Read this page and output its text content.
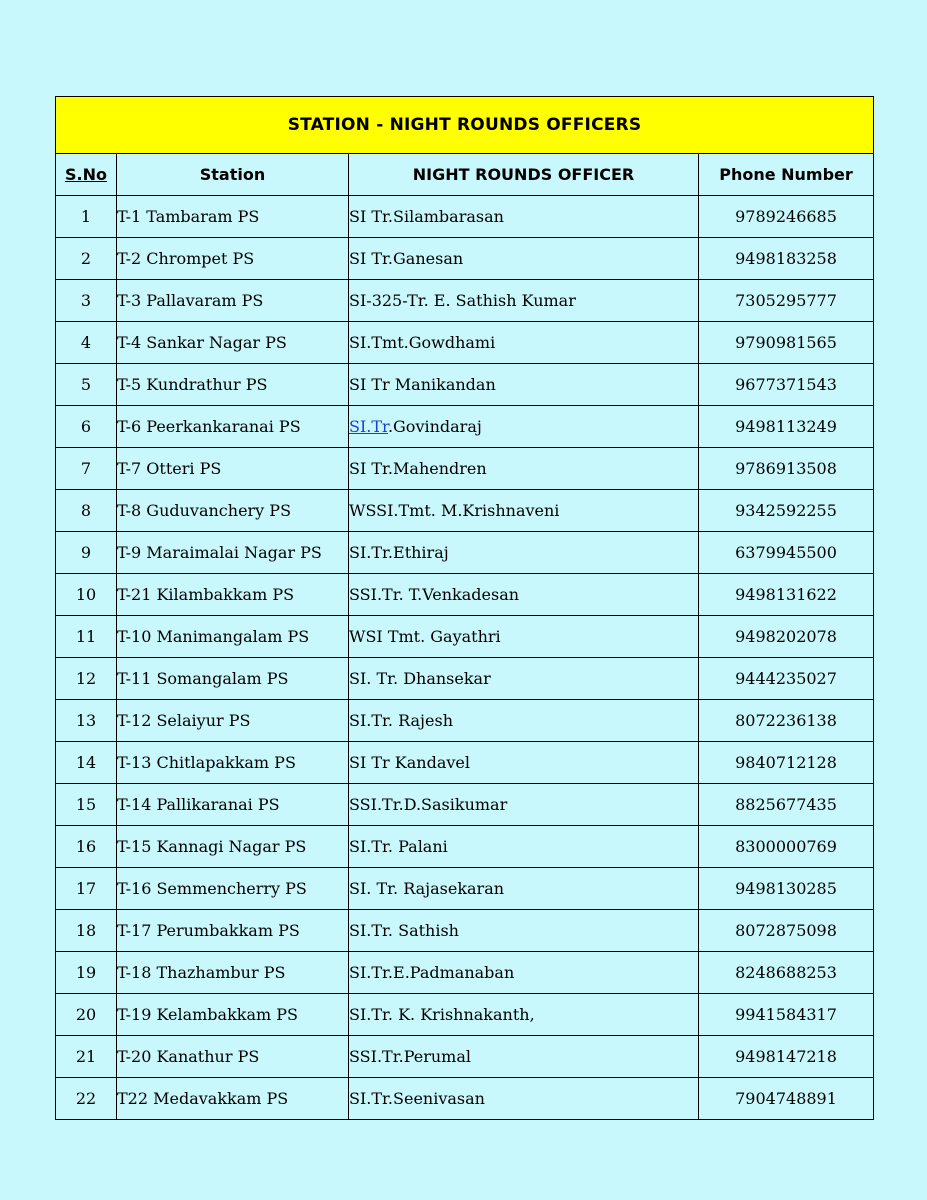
STATION - NIGHT ROUNDS OFFICERS			
S.No	Station	NIGHT ROUNDS OFFICER	Phone Number
1	T-1 Tambaram PS	SI Tr.Silambarasan	9789246685
2	T-2 Chrompet PS	SI Tr.Ganesan	9498183258
3	T-3 Pallavaram PS	SI-325-Tr. E. Sathish Kumar	7305295777
4	T-4 Sankar Nagar PS	SI.Tmt.Gowdhami	9790981565
5	T-5 Kundrathur PS	SI Tr Manikandan	9677371543
6	T-6 Peerkankaranai PS	SI.Tr.Govindaraj	9498113249
7	T-7 Otteri PS	SI Tr.Mahendren	9786913508
8	T-8 Guduvanchery PS	WSSI.Tmt. M.Krishnaveni	9342592255
9	T-9 Maraimalai Nagar PS	SI.Tr.Ethiraj	6379945500
10	T-21 Kilambakkam PS	SSI.Tr. T.Venkadesan	9498131622
11	T-10 Manimangalam PS	WSI Tmt. Gayathri	9498202078
12	T-11 Somangalam PS	SI. Tr. Dhansekar	9444235027
13	T-12 Selaiyur PS	SI.Tr. Rajesh	8072236138
14	T-13 Chitlapakkam PS	SI Tr Kandavel	9840712128
15	T-14 Pallikaranai PS	SSI.Tr.D.Sasikumar	8825677435
16	T-15 Kannagi Nagar PS	SI.Tr. Palani	8300000769
17	T-16 Semmencherry PS	SI. Tr. Rajasekaran	9498130285
18	T-17 Perumbakkam PS	SI.Tr. Sathish	8072875098
19	T-18 Thazhambur PS	SI.Tr.E.Padmanaban	8248688253
20	T-19 Kelambakkam PS	SI.Tr. K. Krishnakanth,	9941584317
21	T-20 Kanathur PS	SSI.Tr.Perumal	9498147218
22	T22 Medavakkam PS	SI.Tr.Seenivasan	7904748891
